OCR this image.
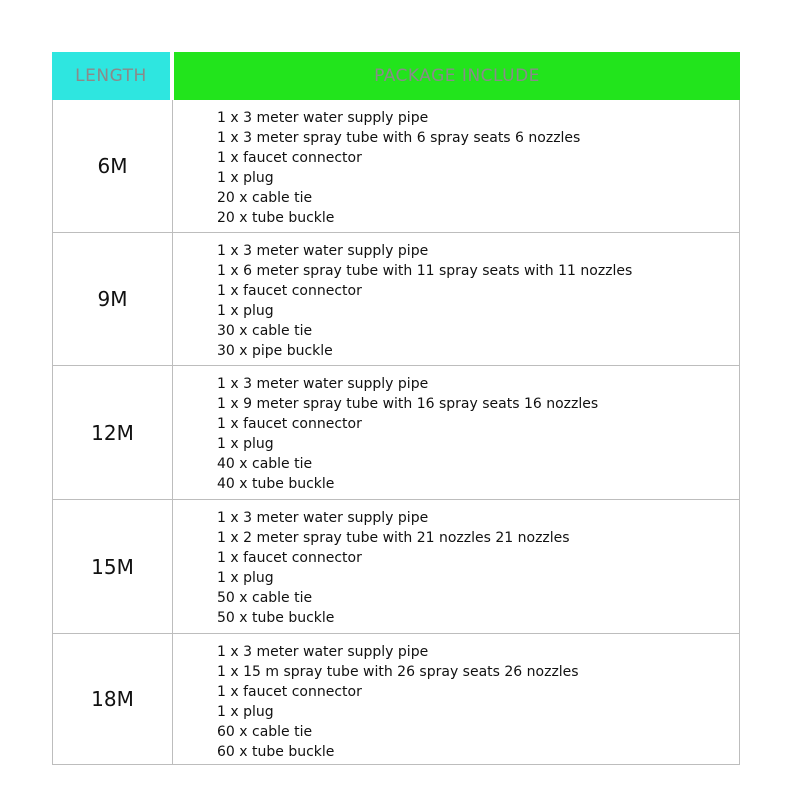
LENGTH	PACKAGE INCLUDE
6M
1 x 3 meter water supply pipe
1 x 3 meter spray tube with 6 spray seats 6 nozzles
1 x faucet connector
1 x plug
20 x cable tie
20 x tube buckle
9M
1 x 3 meter water supply pipe
1 x 6 meter spray tube with 11 spray seats with 11 nozzles
1 x faucet connector
1 x plug
30 x cable tie
30 x pipe buckle
12M
1 x 3 meter water supply pipe
1 x 9 meter spray tube with 16 spray seats 16 nozzles
1 x faucet connector
1 x plug
40 x cable tie
40 x tube buckle
15M
1 x 3 meter water supply pipe
1 x 2 meter spray tube with 21 nozzles 21 nozzles
1 x faucet connector
1 x plug
50 x cable tie
50 x tube buckle
18M
1 x 3 meter water supply pipe
1 x 15 m spray tube with 26 spray seats 26 nozzles
1 x faucet connector
1 x plug
60 x cable tie
60 x tube buckle
